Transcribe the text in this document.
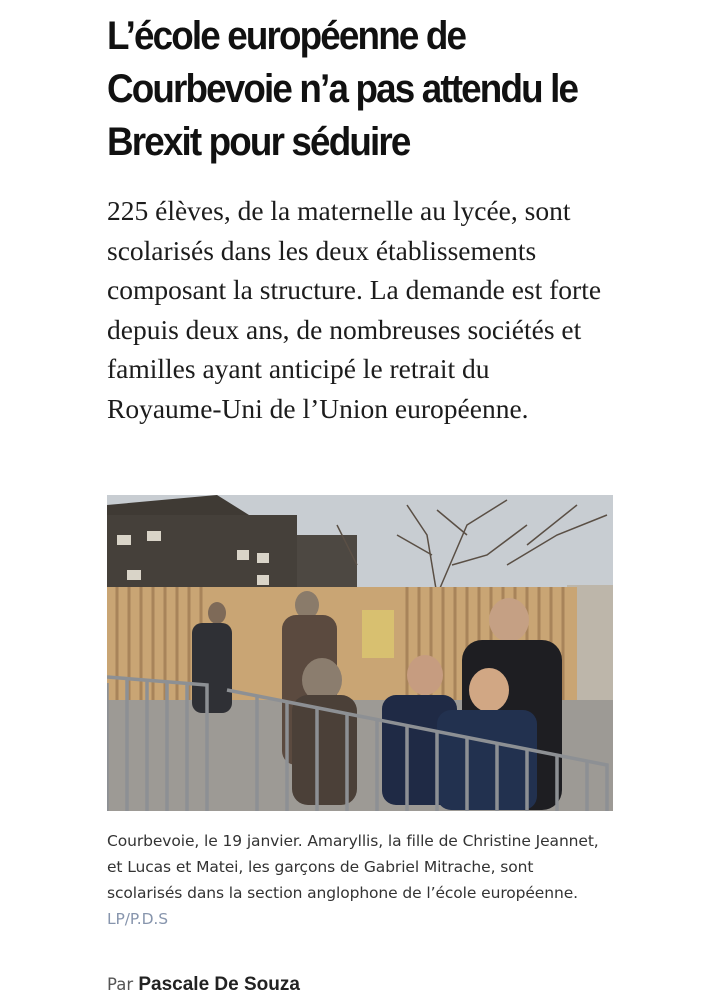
L’école européenne de Courbevoie n’a pas attendu le Brexit pour séduire

225 élèves, de la maternelle au lycée, sont scolarisés dans les deux établissements composant la structure. La demande est forte depuis deux ans, de nombreuses sociétés et familles ayant anticipé le retrait du Royaume-Uni de l’Union européenne.

Courbevoie, le 19 janvier. Amaryllis, la fille de Christine Jeannet, et Lucas et Matei, les garçons de Gabriel Mitrache, sont scolarisés dans la section anglophone de l’école européenne. LP/P.D.S

Par Pascale De Souza
